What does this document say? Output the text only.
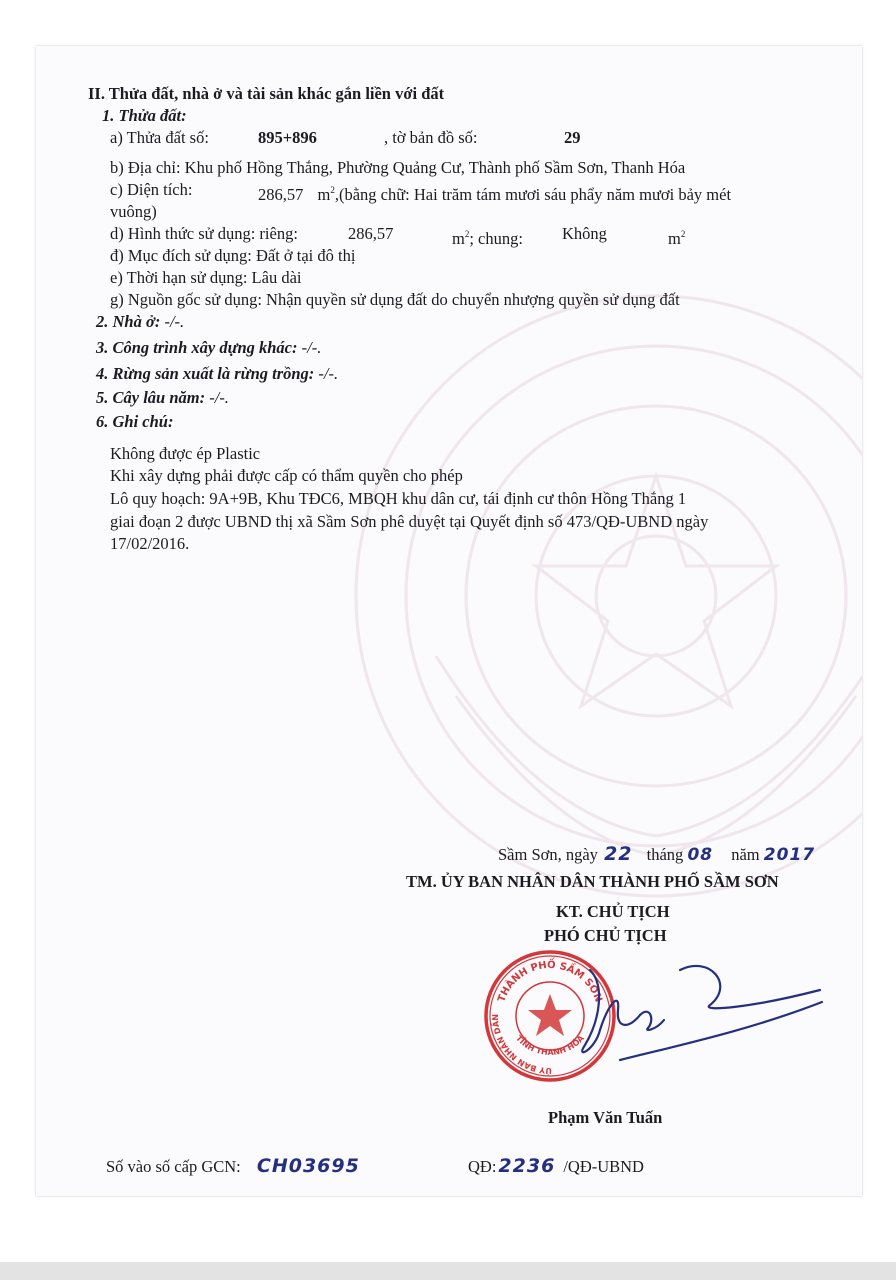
II. Thửa đất, nhà ở và tài sản khác gắn liền với đất
1. Thửa đất:
a) Thửa đất số:	895+896	, tờ bản đồ số:	29
b) Địa chỉ: Khu phố Hồng Thắng, Phường Quảng Cư, Thành phố Sầm Sơn, Thanh Hóa
c) Diện tích:	286,57 $m^2,(bằng$ chữ: Hai trăm tám mươi sáu phẩy năm mươi bảy mét
vuông)
d) Hình thức sử dụng: riêng:	286,57	$m^2$; chung: Không	$m^2$
đ) Mục đích sử dụng: Đất ở tại đô thị
e) Thời hạn sử dụng: Lâu dài
g) Nguồn gốc sử dụng: Nhận quyền sử dụng đất do chuyển nhượng quyền sử dụng đất
2. Nhà ở: -/-.
3. Công trình xây dựng khác: -/-.
4. Rừng sản xuất là rừng trồng: -/-.
5. Cây lâu năm: -/-.
6. Ghi chú:
Không được ép Plastic
Khi xây dựng phải được cấp có thẩm quyền cho phép
Lô quy hoạch: 9A+9B, Khu TĐC6, MBQH khu dân cư, tái định cư thôn Hồng Thắng 1
giai đoạn 2 được UBND thị xã Sầm Sơn phê duyệt tại Quyết định số 473/QĐ-UBND ngày
17/02/2016.
Sầm Sơn, ngày 22 tháng 08 năm 2017
TM. ỦY BAN NHÂN DÂN THÀNH PHỐ SẦM SƠN
KT. CHỦ TỊCH
PHÓ CHỦ TỊCH
Phạm Văn Tuấn
Số vào số cấp GCN: CH03695	QĐ: 2236 /QĐ-UBND
THÀNH PHỐ SẦM SƠN
ỦY BAN NHÂN DÂN
TỈNH THANH HÓA
